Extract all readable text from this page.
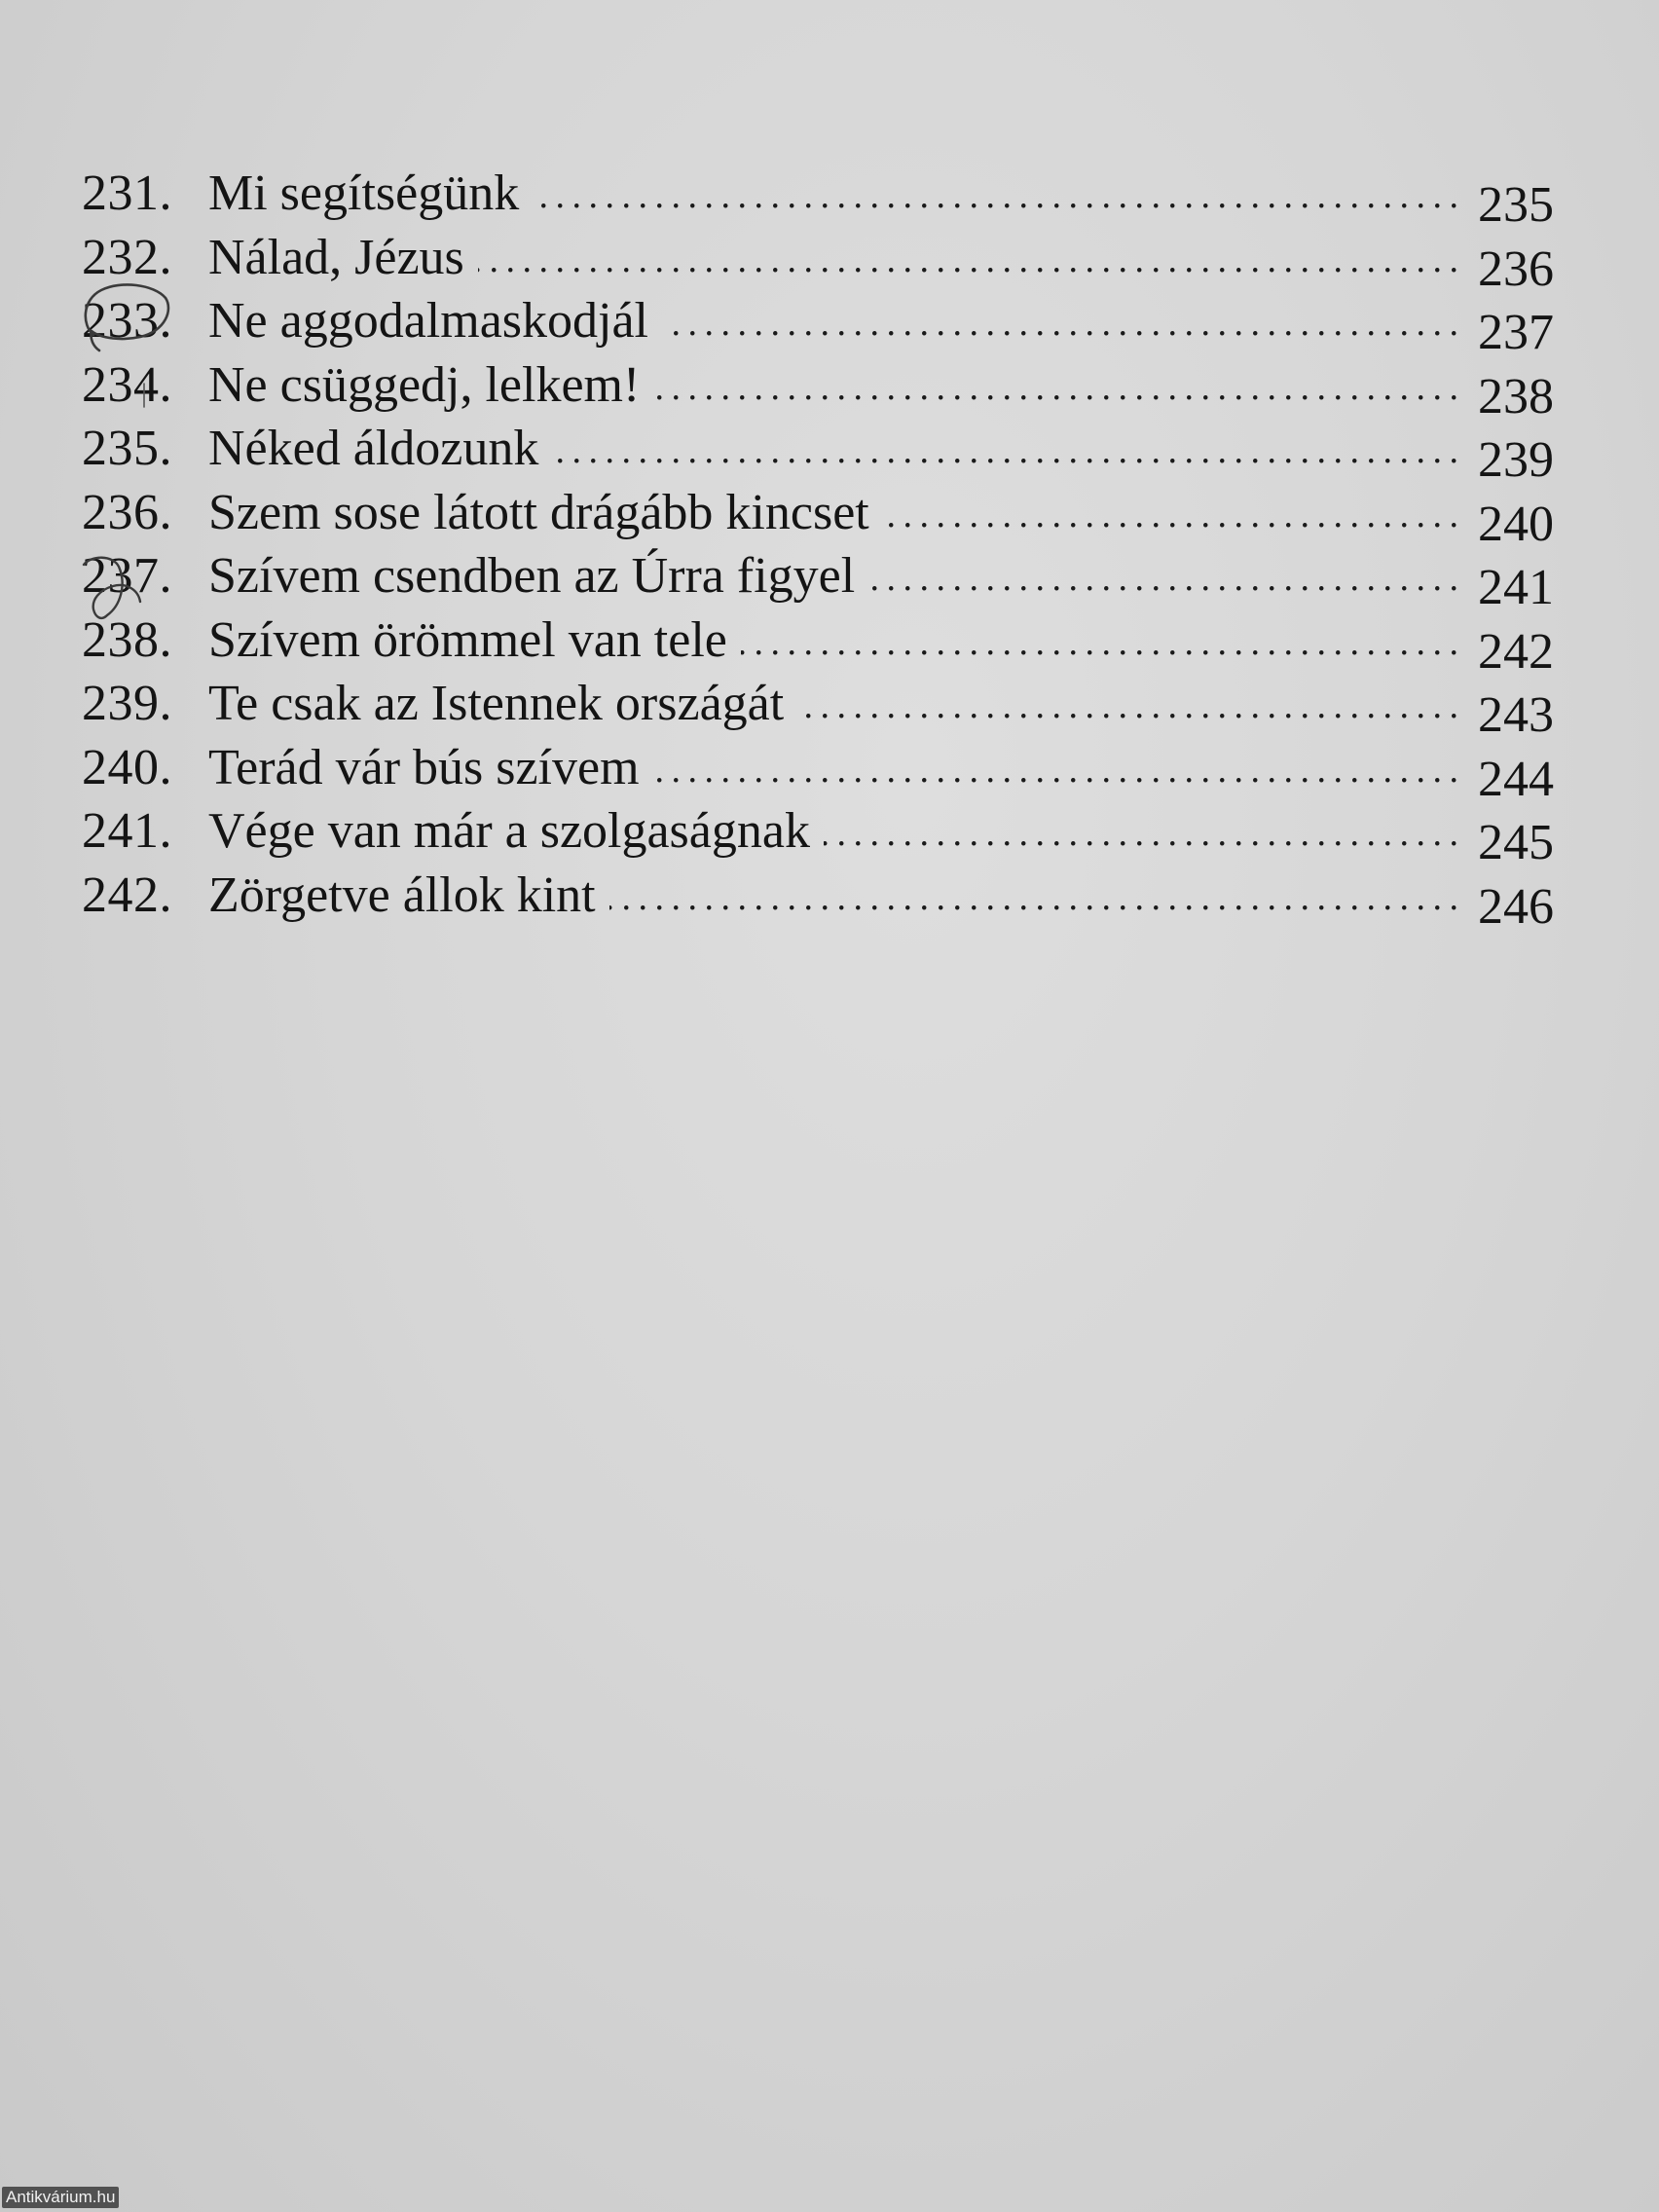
231. Mi segítségünk . . .	235
232. Nálad, Jézus . . .	236
233. Ne aggodalmaskodjál . . .	237
234. Ne csüggedj, lelkem! . . .	238
235. Néked áldozunk . . .	239
236. Szem sose látott drágább kincset . . .	240
237. Szívem csendben az Úrra figyel . . .	241
238. Szívem örömmel van tele . . .	242
239. Te csak az Istennek országát . . .	243
240. Terád vár bús szívem . . .	244
241. Vége van már a szolgaságnak . . .	245
242. Zörgetve állok kint . . .	246
Antikvárium.hu
